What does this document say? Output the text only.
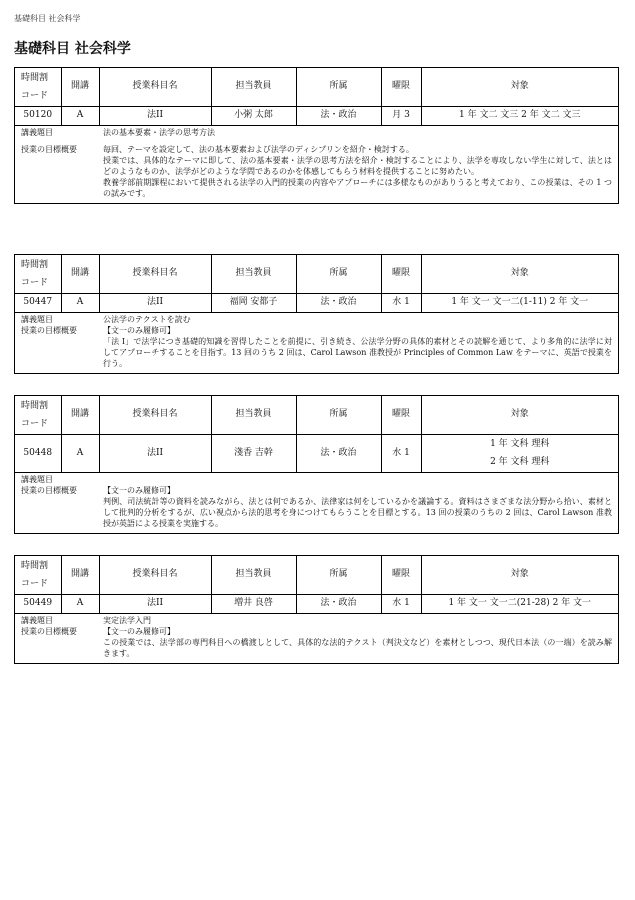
基礎科目 社会科学
基礎科目 社会科学
時間割
コード	開講	授業科目名	担当教員	所属	曜限	対象
50120	A	法II	小粥 太郎	法・政治	月 3	1 年 文二 文三 2 年 文二 文三
講義題目	法の基本要素・法学の思考方法
授業の目標概要	毎回、テーマを設定して、法の基本要素および法学のディシプリンを紹介・検討する。

授業では、具体的なテーマに即して、法の基本要素・法学の思考方法を紹介・検討することにより、法学を専攻しない学生に対して、法とはどのようなものか、法学がどのような学問であるのかを体感してもらう材料を提供することに努めたい。

教養学部前期課程において提供される法学の入門的授業の内容やアプローチには多様なものがありうると考えており、この授業は、その 1 つの試みです。

時間割
コード	開講	授業科目名	担当教員	所属	曜限	対象
50447	A	法II	福岡 安都子	法・政治	水 1	1 年 文一 文一二(1-11) 2 年 文一
講義題目	公法学のテクストを読む
授業の目標概要	【文一のみ履修可】

「法 I」で法学につき基礎的知識を習得したことを前提に、引き続き、公法学分野の具体的素材とその読解を通じて、より多角的に法学に対してアプローチすることを目指す。13 回のうち 2 回は、Carol Lawson 准教授が Principles of Common Law をテーマに、英語で授業を行う。

時間割
コード	開講	授業科目名	担当教員	所属	曜限	対象
50448	A	法II	淺香 吉幹	法・政治	水 1	1 年 文科 理科
2 年 文科 理科
講義題目
授業の目標概要	【文一のみ履修可】

判例、司法統計等の資料を読みながら、法とは何であるか、法律家は何をしているかを議論する。資料はさまざまな法分野から拾い、素材として批判的分析をするが、広い視点から法的思考を身につけてもらうことを目標とする。13 回の授業のうちの 2 回は、Carol Lawson 准教授が英語による授業を実施する。

時間割
コード	開講	授業科目名	担当教員	所属	曜限	対象
50449	A	法II	増井 良啓	法・政治	水 1	1 年 文一 文一二(21-28) 2 年 文一
講義題目	実定法学入門
授業の目標概要	【文一のみ履修可】

この授業では、法学部の専門科目への橋渡しとして、具体的な法的テクスト（判決文など）を素材としつつ、現代日本法（の一端）を読み解きます。
